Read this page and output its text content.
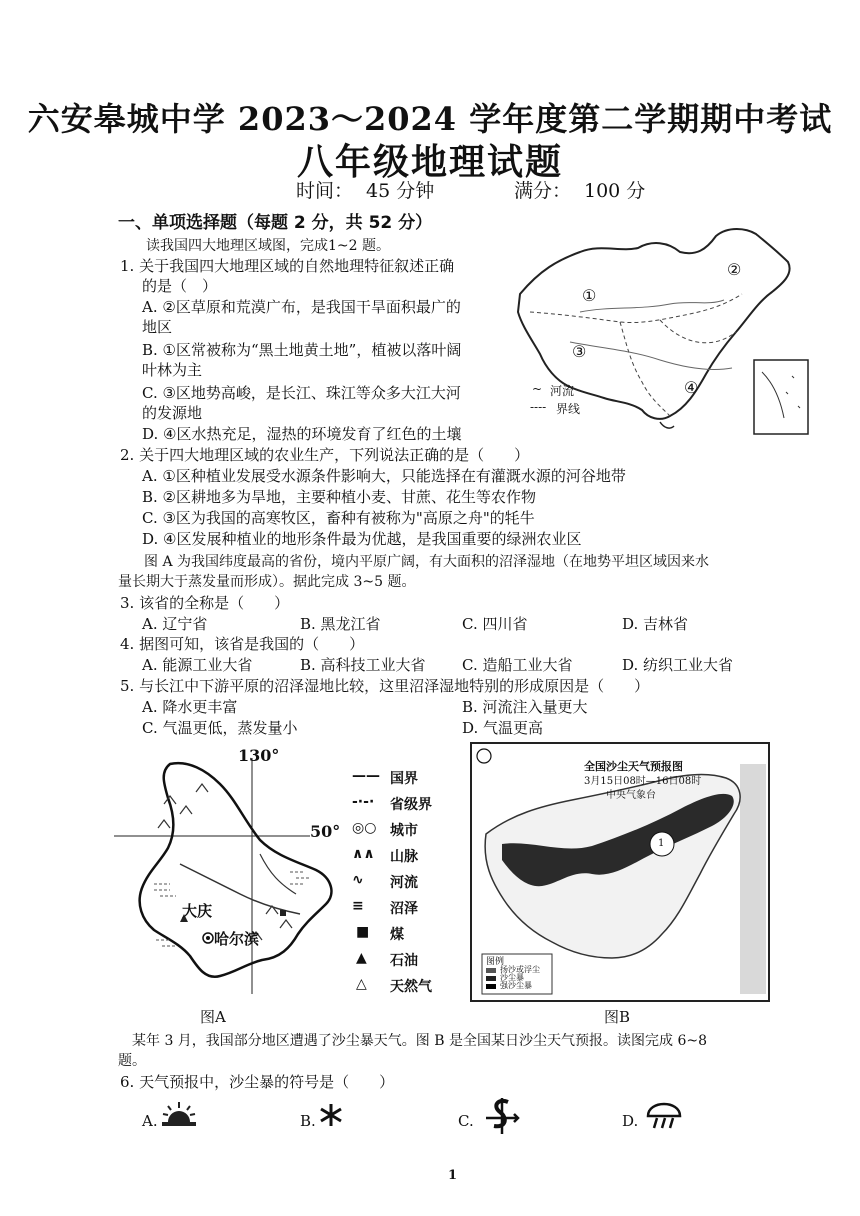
六安皋城中学 2023～2024 学年度第二学期期中考试
八年级地理试题
时间： 45 分钟	满分： 100 分
一、单项选择题（每题 2 分，共 52 分）
读我国四大地理区域图，完成1~2 题。
1. 关于我国四大地理区域的自然地理特征叙述正确
的是（　）
A. ②区草原和荒漠广布，是我国干旱面积最广的
地区
B. ①区常被称为“黑土地黄土地”，植被以落叶阔
叶林为主
C. ③区地势高峻，是长江、珠江等众多大江大河
的发源地
D. ④区水热充足，湿热的环境发育了红色的土壤
①
②
③
④
~ 河流
---- 界线
2. 关于四大地理区域的农业生产，下列说法正确的是（　　）
A. ①区种植业发展受水源条件影响大，只能选择在有灌溉水源的河谷地带
B. ②区耕地多为旱地，主要种植小麦、甘蔗、花生等农作物
C. ③区为我国的高寒牧区，畜种有被称为"高原之舟"的牦牛
D. ④区发展种植业的地形条件最为优越，是我国重要的绿洲农业区
图 A 为我国纬度最高的省份，境内平原广阔，有大面积的沼泽湿地（在地势平坦区域因来水
量长期大于蒸发量而形成）。据此完成 3~5 题。
3. 该省的全称是（　　）
A. 辽宁省	B. 黑龙江省	C. 四川省	D. 吉林省
4. 据图可知，该省是我国的（　　）
A. 能源工业大省	B. 高科技工业大省 C. 造船工业大省	D. 纺织工业大省
5. 与长江中下游平原的沼泽湿地比较，这里沼泽湿地特别的形成原因是（　　）
A. 降水更丰富	B. 河流注入量更大
C. 气温更低，蒸发量小	D. 气温更高
130°
50°
大庆
哈尔滨
—— 国界
-·-· 省级界
◎○ 城市
∧∧ 山脉
∿ 河流
≡ 沼泽
■ 煤
▲ 石油
△ 天然气
图A
全国沙尘天气预报图
3月15日08时—16日08时
中央气象台
1
图例
扬沙或浮尘
沙尘暴
强沙尘暴
图B
某年 3 月，我国部分地区遭遇了沙尘暴天气。图 B 是全国某日沙尘天气预报。读图完成 6~8
题。
6. 天气预报中，沙尘暴的符号是（　　）
A.	B.	C.	D.
1
